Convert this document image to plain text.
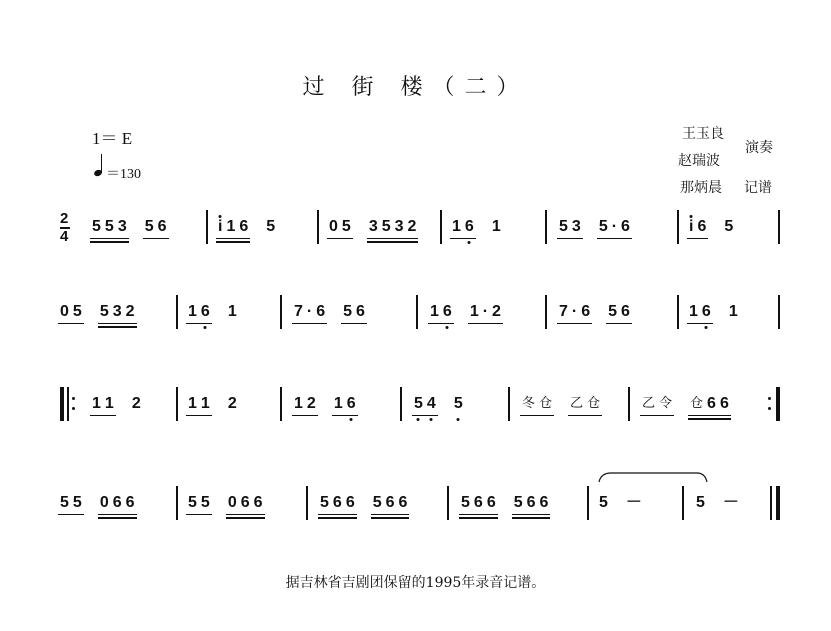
过 街 楼（二）
1＝ E
＝130
王玉良
赵瑞波
演奏
那炳晨 记谱
2
4
5 5 3 5 6	i 1 6 5	0 5 3 5 3 2 1 6 1	5 3 5 · 6	i 6 5
0 5 5 3 2	1 6 1	7 · 6 5 6	1 6 1 · 2	7 · 6 5 6	1 6 1
1 1 2	1 1 2	1 2 1 6	5 4 5	冬 仓 乙 仓	乙 令 仓 6 6
5 5 0 6 6	5 5 0 6 6	5 6 6 5 6 6	5 6 6 5 6 6	5 －	5 －
据吉林省吉剧团保留的1995年录音记谱。
